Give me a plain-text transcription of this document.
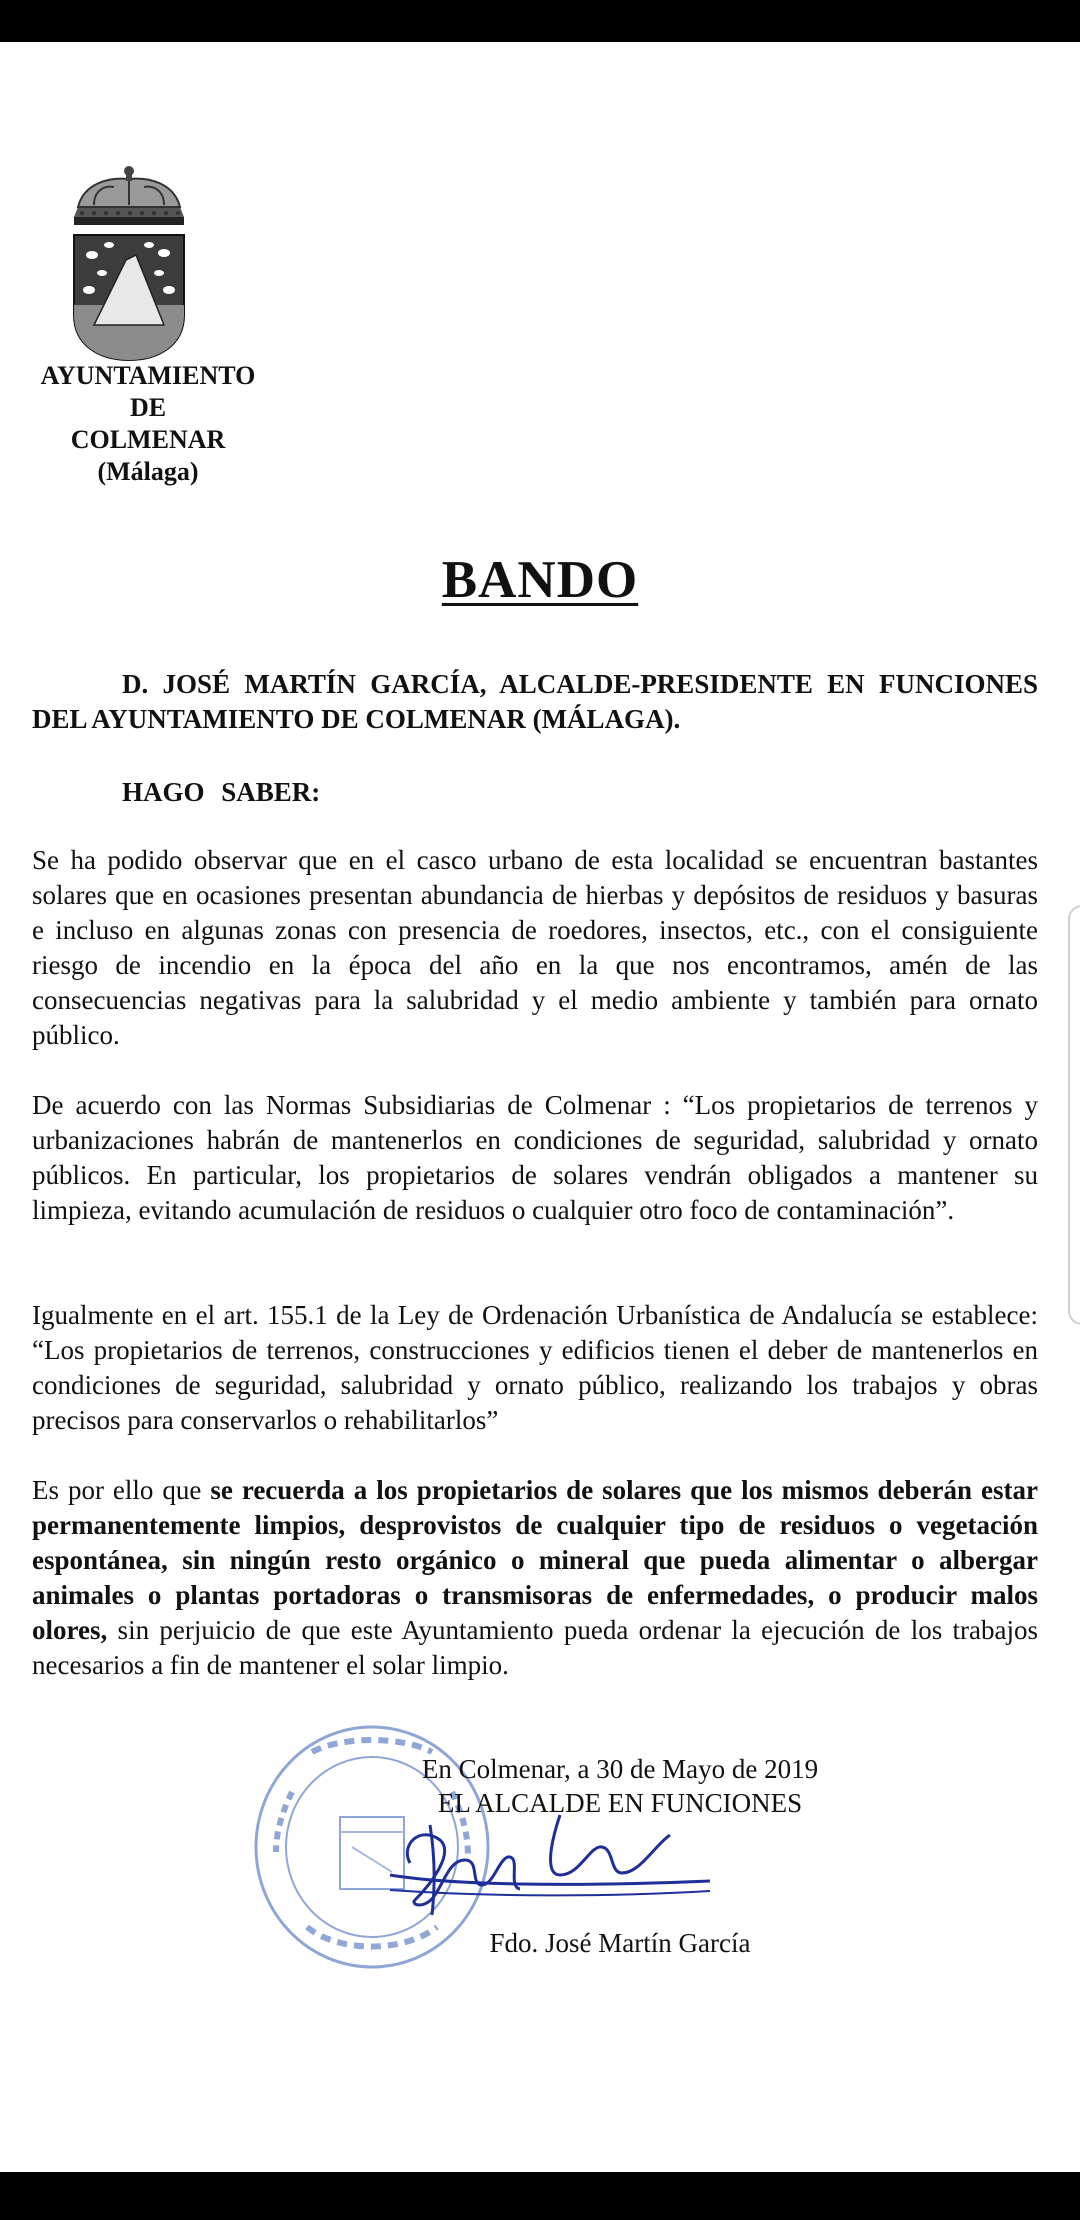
AYUNTAMIENTO
DE
COLMENAR
(Málaga)
BANDO
D. JOSÉ MARTÍN GARCÍA, ALCALDE-PRESIDENTE EN FUNCIONES DEL AYUNTAMIENTO DE COLMENAR (MÁLAGA).
HAGO SABER:
Se ha podido observar que en el casco urbano de esta localidad se encuentran bastantes solares que en ocasiones presentan abundancia de hierbas y depósitos de residuos y basuras e incluso en algunas zonas con presencia de roedores, insectos, etc., con el consiguiente riesgo de incendio en la época del año en la que nos encontramos, amén de las consecuencias negativas para la salubridad y el medio ambiente y también para ornato público.
De acuerdo con las Normas Subsidiarias de Colmenar : “Los propietarios de terrenos y urbanizaciones habrán de mantenerlos en condiciones de seguridad, salubridad y ornato públicos. En particular, los propietarios de solares vendrán obligados a mantener su limpieza, evitando acumulación de residuos o cualquier otro foco de contaminación”.
Igualmente en el art. 155.1 de la Ley de Ordenación Urbanística de Andalucía se establece: “Los propietarios de terrenos, construcciones y edificios tienen el deber de mantenerlos en condiciones de seguridad, salubridad y ornato público, realizando los trabajos y obras precisos para conservarlos o rehabilitarlos”
Es por ello que se recuerda a los propietarios de solares que los mismos deberán estar permanentemente limpios, desprovistos de cualquier tipo de residuos o vegetación espontánea, sin ningún resto orgánico o mineral que pueda alimentar o albergar animales o plantas portadoras o transmisoras de enfermedades, o producir malos olores, sin perjuicio de que este Ayuntamiento pueda ordenar la ejecución de los trabajos necesarios a fin de mantener el solar limpio.
En Colmenar, a 30 de Mayo de 2019
EL ALCALDE EN FUNCIONES
Fdo. José Martín García
